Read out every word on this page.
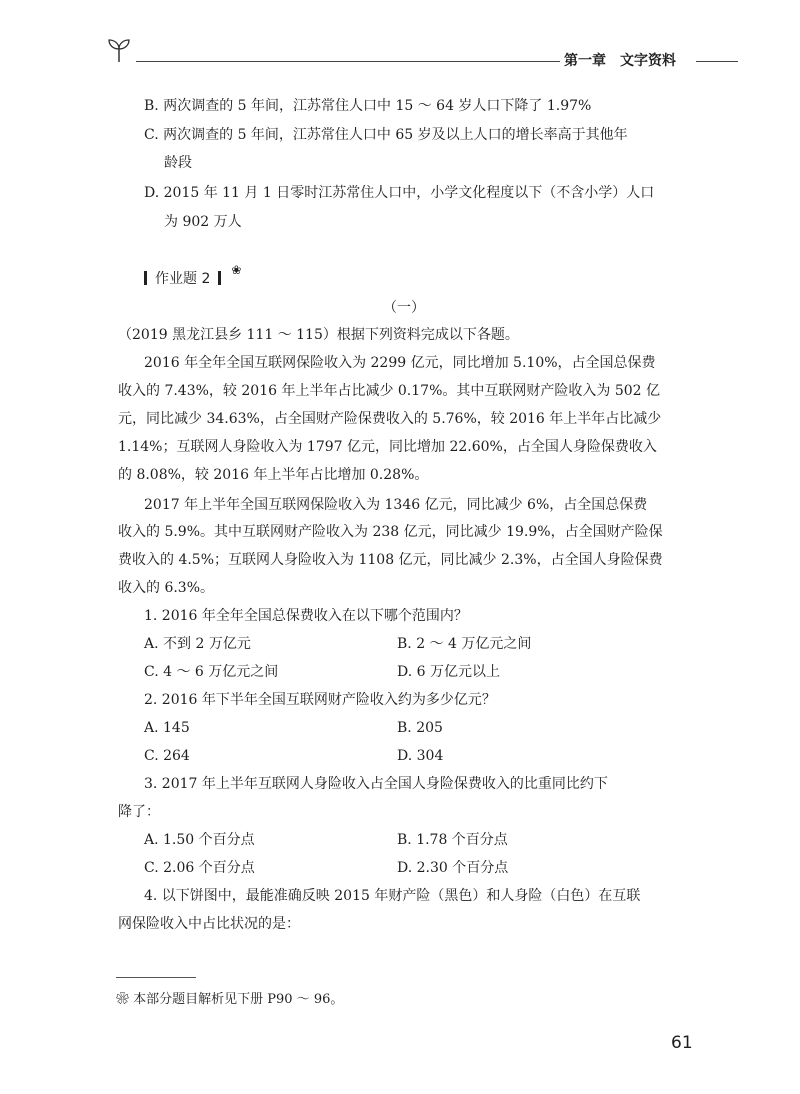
第一章　文字资料
B. 两次调查的 5 年间，江苏常住人口中 15 ～ 64 岁人口下降了 1.97%
C. 两次调查的 5 年间，江苏常住人口中 65 岁及以上人口的增长率高于其他年
龄段
D. 2015 年 11 月 1 日零时江苏常住人口中，小学文化程度以下（不含小学）人口
为 902 万人
作业题 2
❀
（一）
（2019 黑龙江县乡 111 ～ 115）根据下列资料完成以下各题。
2016 年全年全国互联网保险收入为 2299 亿元，同比增加 5.10%，占全国总保费
收入的 7.43%，较 2016 年上半年占比减少 0.17%。其中互联网财产险收入为 502 亿
元，同比减少 34.63%，占全国财产险保费收入的 5.76%，较 2016 年上半年占比减少
1.14%；互联网人身险收入为 1797 亿元，同比增加 22.60%，占全国人身险保费收入
的 8.08%，较 2016 年上半年占比增加 0.28%。
2017 年上半年全国互联网保险收入为 1346 亿元，同比减少 6%，占全国总保费
收入的 5.9%。其中互联网财产险收入为 238 亿元，同比减少 19.9%，占全国财产险保
费收入的 4.5%；互联网人身险收入为 1108 亿元，同比减少 2.3%，占全国人身险保费
收入的 6.3%。
1. 2016 年全年全国总保费收入在以下哪个范围内？
A. 不到 2 万亿元	B. 2 ～ 4 万亿元之间
C. 4 ～ 6 万亿元之间	D. 6 万亿元以上
2. 2016 年下半年全国互联网财产险收入约为多少亿元？
A. 145	B. 205
C. 264	D. 304
3. 2017 年上半年互联网人身险收入占全国人身险保费收入的比重同比约下
降了：
A. 1.50 个百分点	B. 1.78 个百分点
C. 2.06 个百分点	D. 2.30 个百分点
4. 以下饼图中，最能准确反映 2015 年财产险（黑色）和人身险（白色）在互联
网保险收入中占比状况的是：
❀ 本部分题目解析见下册 P90 ～ 96。
61
